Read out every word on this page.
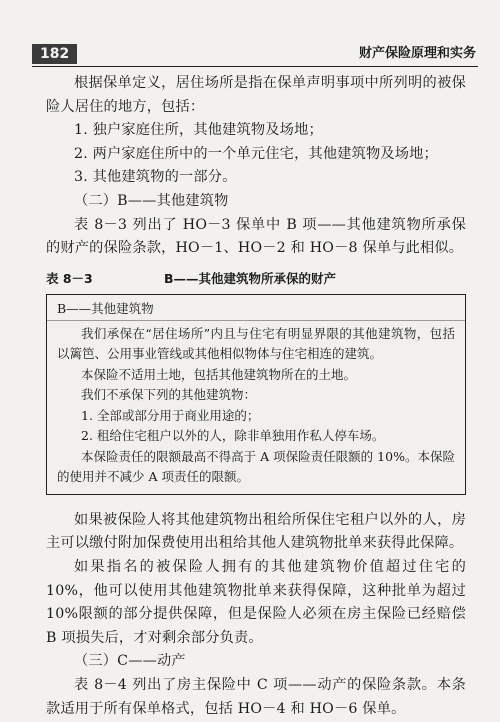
182	财产保险原理和实务

根据保单定义，居住场所是指在保单声明事项中所列明的被保险人居住的地方，包括：

1. 独户家庭住所，其他建筑物及场地；

2. 两户家庭住所中的一个单元住宅，其他建筑物及场地；

3. 其他建筑物的一部分。

（二）B——其他建筑物

表 8－3 列出了 HO－3 保单中 B 项——其他建筑物所承保的财产的保险条款，HO－1、HO－2 和 HO－8 保单与此相似。

表 8－3	B——其他建筑物所承保的财产
B——其他建筑物

我们承保在“居住场所”内且与住宅有明显界限的其他建筑物，包括以篱笆、公用事业管线或其他相似物体与住宅相连的建筑。

本保险不适用土地，包括其他建筑物所在的土地。

我们不承保下列的其他建筑物：

1. 全部或部分用于商业用途的；

2. 租给住宅租户以外的人，除非单独用作私人停车场。

本保险责任的限额最高不得高于 A 项保险责任限额的 10%。本保险的使用并不减少 A 项责任的限额。

如果被保险人将其他建筑物出租给所保住宅租户以外的人，房主可以缴付附加保费使用出租给其他人建筑物批单来获得此保障。

如果指名的被保险人拥有的其他建筑物价值超过住宅的 10%，他可以使用其他建筑物批单来获得保障，这种批单为超过 10%限额的部分提供保障，但是保险人必须在房主保险已经赔偿 B 项损失后，才对剩余部分负责。

（三）C——动产

表 8－4 列出了房主保险中 C 项——动产的保险条款。本条款适用于所有保单格式，包括 HO－4 和 HO－6 保单。
